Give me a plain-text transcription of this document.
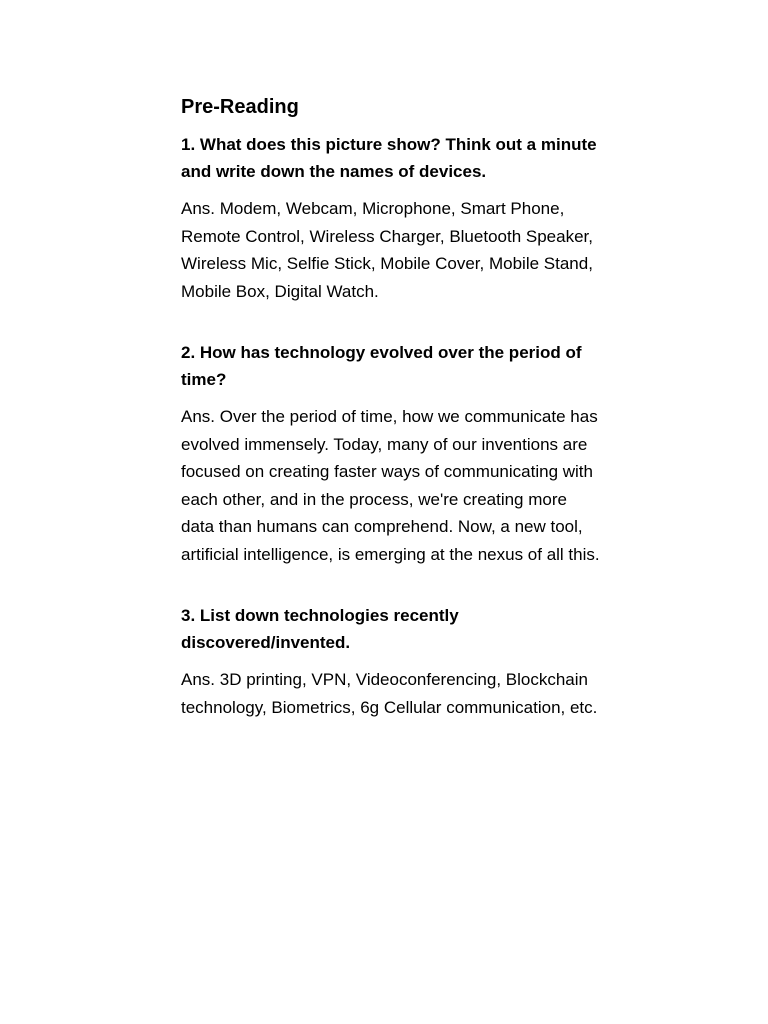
Pre-Reading

1. What does this picture show? Think out a minute and write down the names of devices.

Ans. Modem, Webcam, Microphone, Smart Phone, Remote Control, Wireless Charger, Bluetooth Speaker, Wireless Mic, Selfie Stick, Mobile Cover, Mobile Stand, Mobile Box, Digital Watch.

2. How has technology evolved over the period of time?

Ans. Over the period of time, how we communicate has evolved immensely. Today, many of our inventions are focused on creating faster ways of communicating with each other, and in the process, we're creating more data than humans can comprehend. Now, a new tool, artificial intelligence, is emerging at the nexus of all this.

3. List down technologies recently discovered/invented.

Ans. 3D printing, VPN, Videoconferencing, Blockchain technology, Biometrics, 6g Cellular communication, etc.
